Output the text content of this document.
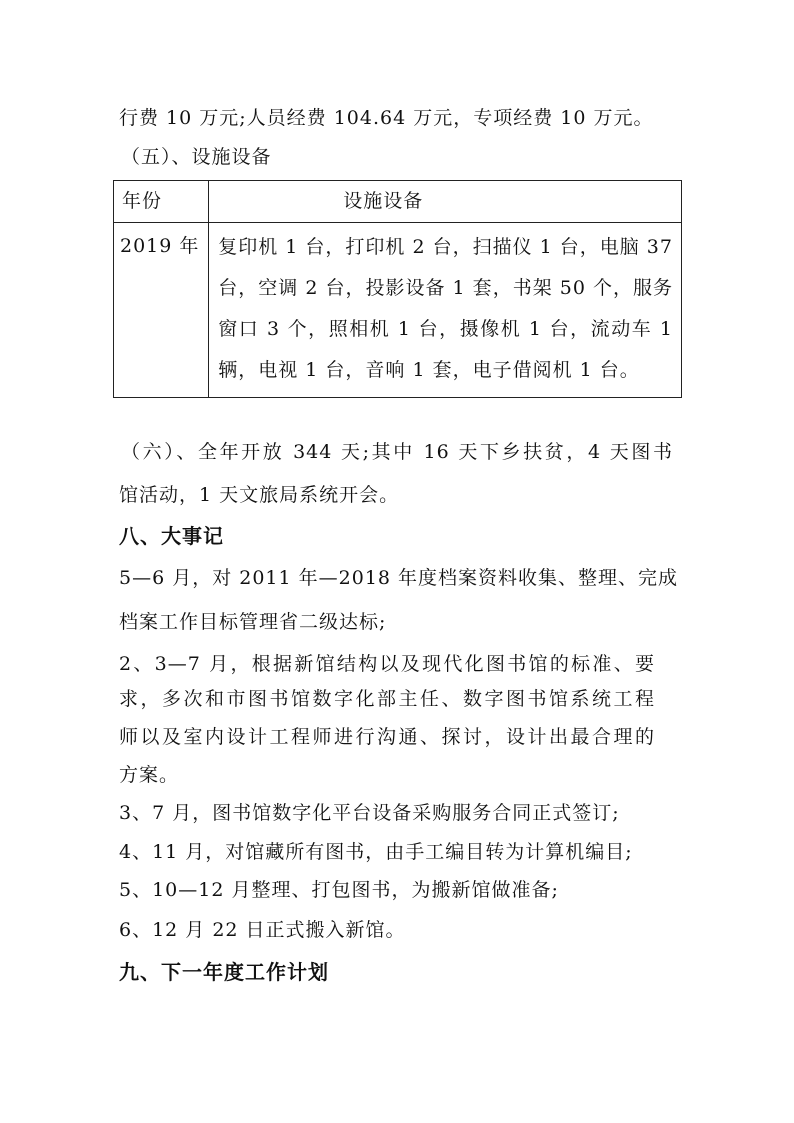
行费 10 万元;人员经费 104.64 万元，专项经费 10 万元。
（五）、设施设备
年份	设施设备
2019 年	复印机 1 台，打印机 2 台，扫描仪 1 台，电脑 37
台，空调 2 台，投影设备 1 套，书架 50 个，服务
窗口 3 个，照相机 1 台，摄像机 1 台，流动车 1
辆，电视 1 台，音响 1 套，电子借阅机 1 台。
（六）、全年开放 344 天;其中 16 天下乡扶贫，4 天图书
馆活动，1 天文旅局系统开会。
八、大事记
5—6 月，对 2011 年—2018 年度档案资料收集、整理、完成
档案工作目标管理省二级达标;
2、3—7 月，根据新馆结构以及现代化图书馆的标准、要
求，多次和市图书馆数字化部主任、数字图书馆系统工程
师以及室内设计工程师进行沟通、探讨，设计出最合理的
方案。
3、7 月，图书馆数字化平台设备采购服务合同正式签订;
4、11 月，对馆藏所有图书，由手工编目转为计算机编目;
5、10—12 月整理、打包图书，为搬新馆做准备;
6、12 月 22 日正式搬入新馆。
九、下一年度工作计划
